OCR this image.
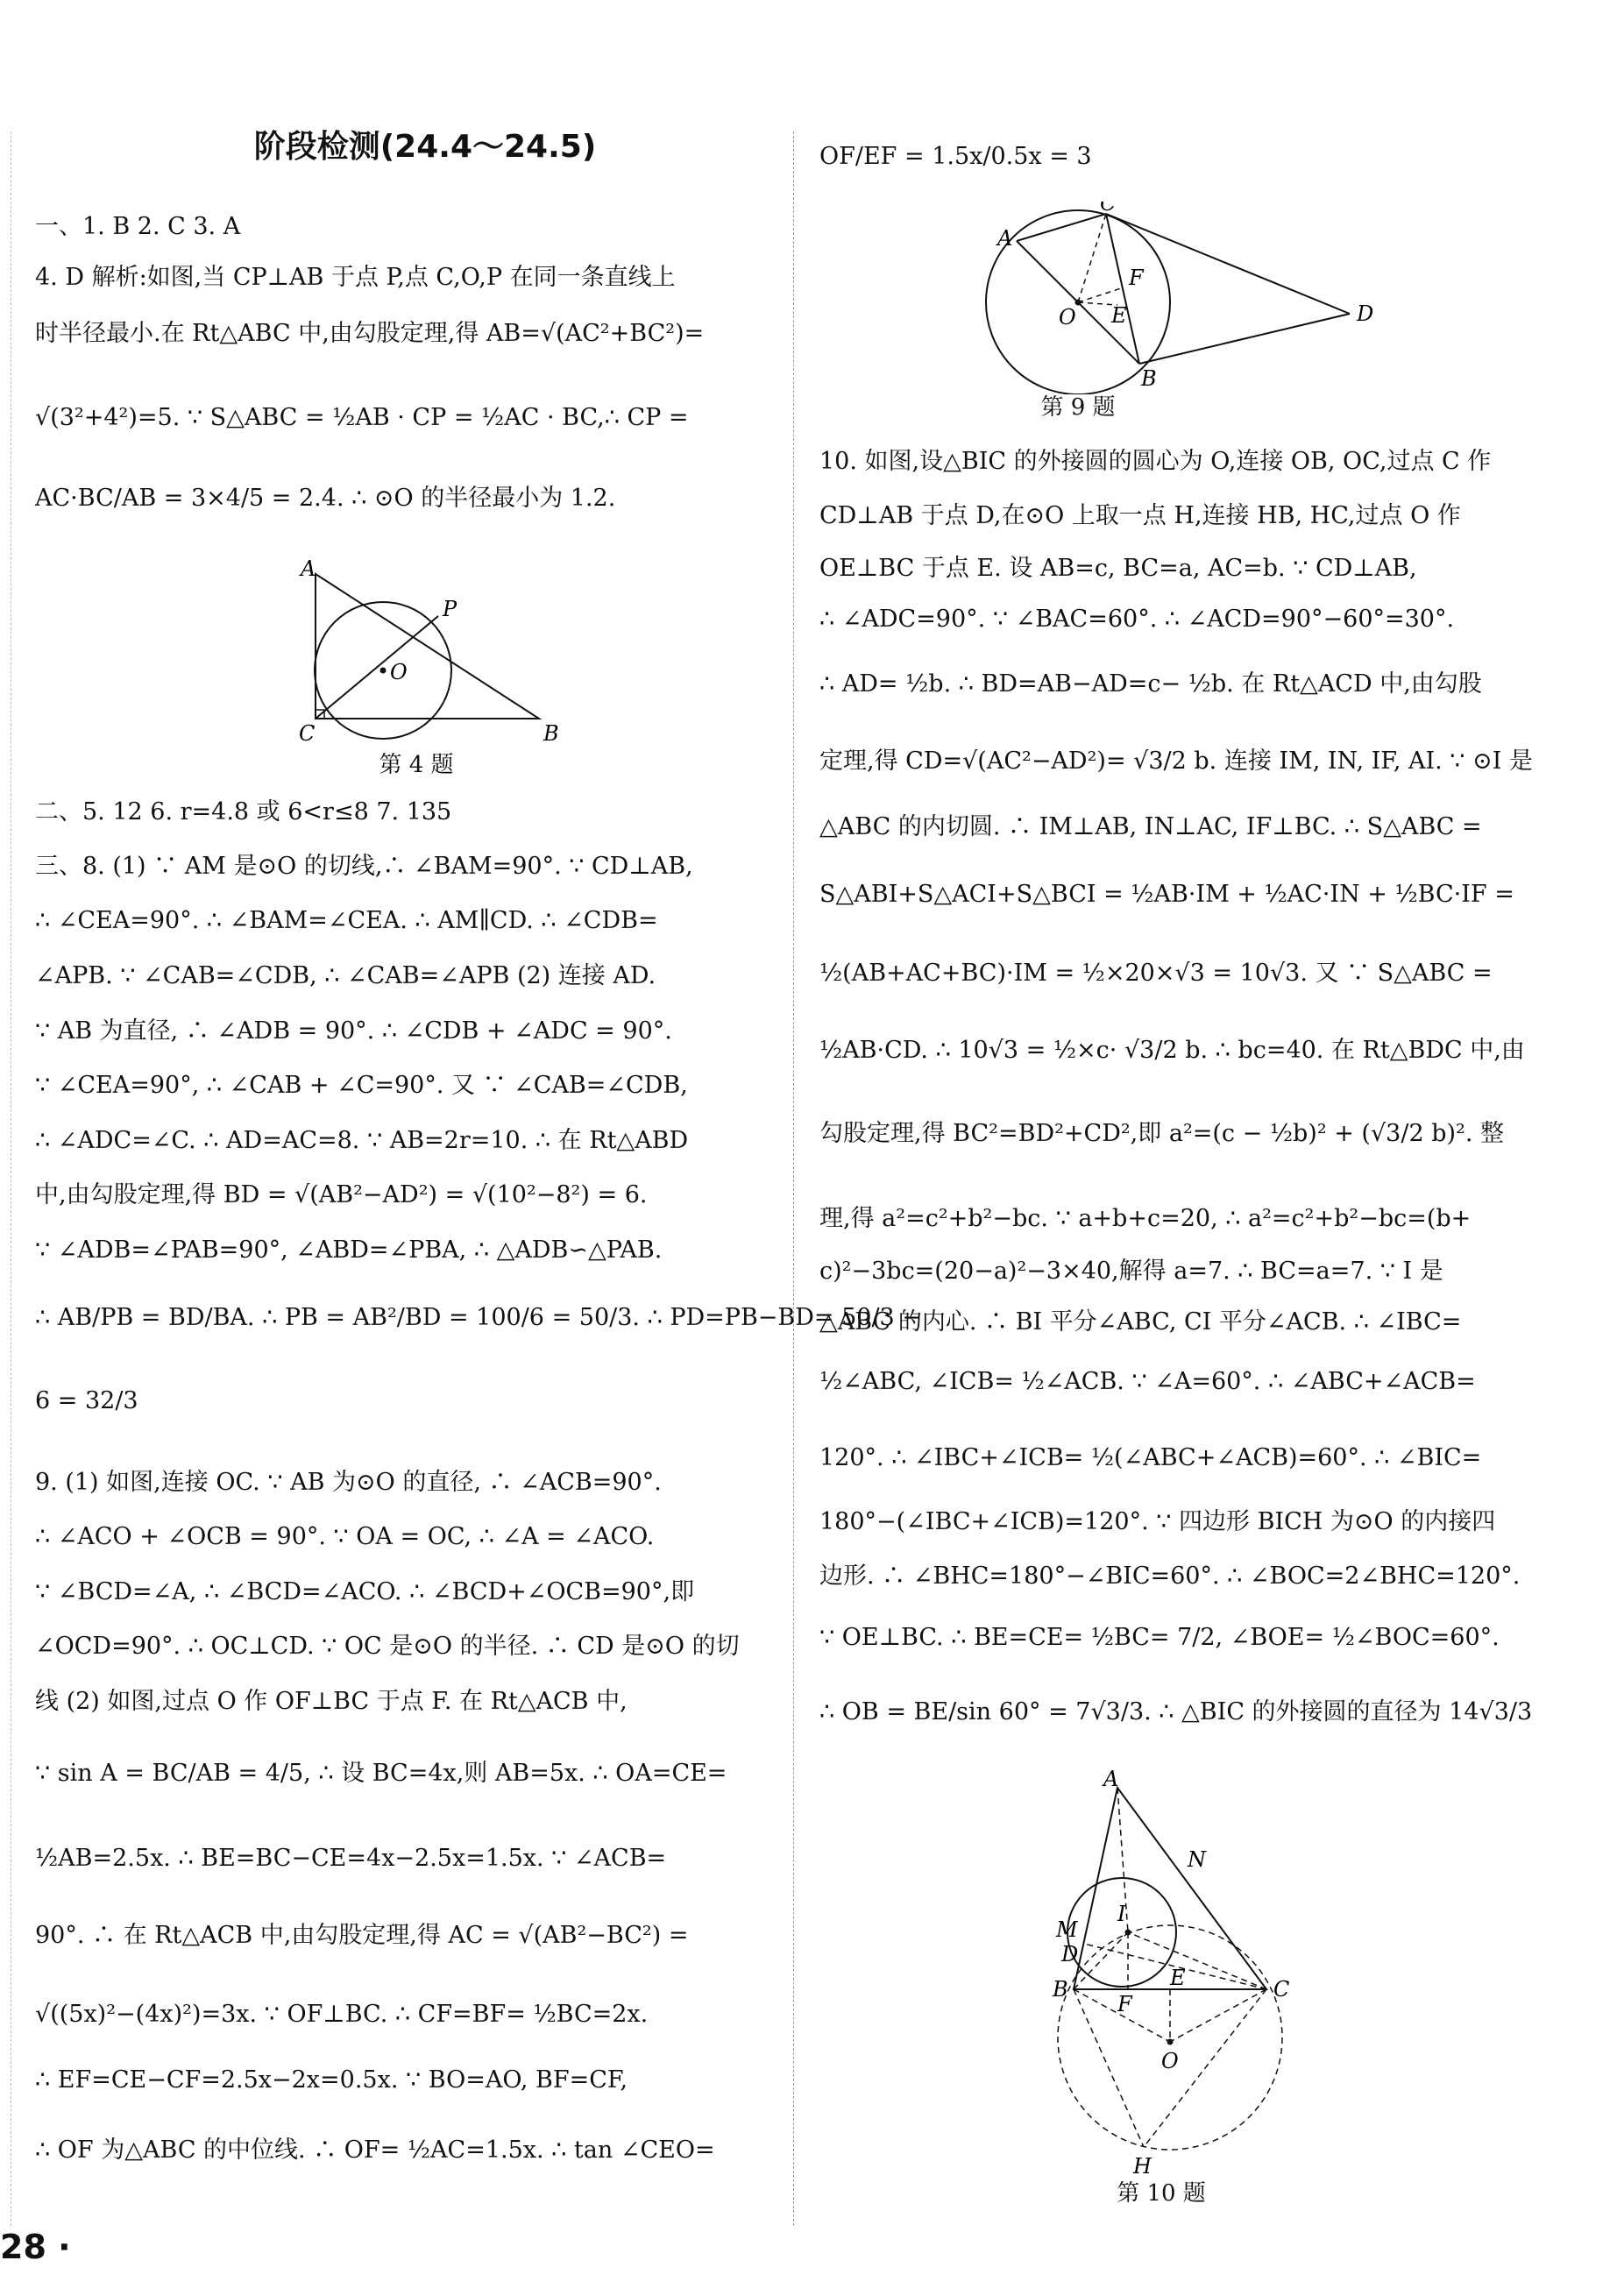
阶段检测(24.4～24.5)
一、1. B 2. C 3. A
4. D 解析:如图,当 CP⊥AB 于点 P,点 C,O,P 在同一条直线上
时半径最小.在 Rt△ABC 中,由勾股定理,得 AB=√(AC²+BC²)=
√(3²+4²)=5. ∵ S△ABC = ½AB · CP = ½AC · BC,∴ CP =
AC·BC/AB = 3×4/5 = 2.4. ∴ ⊙O 的半径最小为 1.2.
A
P
O
C	B
第 4 题
二、5. 12 6. r=4.8 或 6<r≤8 7. 135
三、8. (1) ∵ AM 是⊙O 的切线,∴ ∠BAM=90°. ∵ CD⊥AB,
∴ ∠CEA=90°. ∴ ∠BAM=∠CEA. ∴ AM∥CD. ∴ ∠CDB=
∠APB. ∵ ∠CAB=∠CDB, ∴ ∠CAB=∠APB (2) 连接 AD.
∵ AB 为直径, ∴ ∠ADB = 90°. ∴ ∠CDB + ∠ADC = 90°.
∵ ∠CEA=90°, ∴ ∠CAB + ∠C=90°. 又 ∵ ∠CAB=∠CDB,
∴ ∠ADC=∠C. ∴ AD=AC=8. ∵ AB=2r=10. ∴ 在 Rt△ABD
中,由勾股定理,得 BD = √(AB²−AD²) = √(10²−8²) = 6.
∵ ∠ADB=∠PAB=90°, ∠ABD=∠PBA, ∴ △ADB∽△PAB.
∴ AB/PB = BD/BA. ∴ PB = AB²/BD = 100/6 = 50/3. ∴ PD=PB−BD= 50/3 −
6 = 32/3
9. (1) 如图,连接 OC. ∵ AB 为⊙O 的直径, ∴ ∠ACB=90°.
∴ ∠ACO + ∠OCB = 90°. ∵ OA = OC, ∴ ∠A = ∠ACO.
∵ ∠BCD=∠A, ∴ ∠BCD=∠ACO. ∴ ∠BCD+∠OCB=90°,即
∠OCD=90°. ∴ OC⊥CD. ∵ OC 是⊙O 的半径. ∴ CD 是⊙O 的切
线 (2) 如图,过点 O 作 OF⊥BC 于点 F. 在 Rt△ACB 中,
∵ sin A = BC/AB = 4/5, ∴ 设 BC=4x,则 AB=5x. ∴ OA=CE=
½AB=2.5x. ∴ BE=BC−CE=4x−2.5x=1.5x. ∵ ∠ACB=
90°. ∴ 在 Rt△ACB 中,由勾股定理,得 AC = √(AB²−BC²) =
√((5x)²−(4x)²)=3x. ∵ OF⊥BC. ∴ CF=BF= ½BC=2x.
∴ EF=CE−CF=2.5x−2x=0.5x. ∵ BO=AO, BF=CF,
∴ OF 为△ABC 的中位线. ∴ OF= ½AC=1.5x. ∴ tan ∠CEO=
OF/EF = 1.5x/0.5x = 3
C
A
F
O E
B
D
第 9 题
10. 如图,设△BIC 的外接圆的圆心为 O,连接 OB, OC,过点 C 作
CD⊥AB 于点 D,在⊙O 上取一点 H,连接 HB, HC,过点 O 作
OE⊥BC 于点 E. 设 AB=c, BC=a, AC=b. ∵ CD⊥AB,
∴ ∠ADC=90°. ∵ ∠BAC=60°. ∴ ∠ACD=90°−60°=30°.
∴ AD= ½b. ∴ BD=AB−AD=c− ½b. 在 Rt△ACD 中,由勾股
定理,得 CD=√(AC²−AD²)= √3/2 b. 连接 IM, IN, IF, AI. ∵ ⊙I 是
△ABC 的内切圆. ∴ IM⊥AB, IN⊥AC, IF⊥BC. ∴ S△ABC =
S△ABI+S△ACI+S△BCI = ½AB·IM + ½AC·IN + ½BC·IF =
½(AB+AC+BC)·IM = ½×20×√3 = 10√3. 又 ∵ S△ABC =
½AB·CD. ∴ 10√3 = ½×c· √3/2 b. ∴ bc=40. 在 Rt△BDC 中,由
勾股定理,得 BC²=BD²+CD²,即 a²=(c − ½b)² + (√3/2 b)². 整
理,得 a²=c²+b²−bc. ∵ a+b+c=20, ∴ a²=c²+b²−bc=(b+
c)²−3bc=(20−a)²−3×40,解得 a=7. ∴ BC=a=7. ∵ I 是
△ABC 的内心. ∴ BI 平分∠ABC, CI 平分∠ACB. ∴ ∠IBC=
½∠ABC, ∠ICB= ½∠ACB. ∵ ∠A=60°. ∴ ∠ABC+∠ACB=
120°. ∴ ∠IBC+∠ICB= ½(∠ABC+∠ACB)=60°. ∴ ∠BIC=
180°−(∠IBC+∠ICB)=120°. ∵ 四边形 BICH 为⊙O 的内接四
边形. ∴ ∠BHC=180°−∠BIC=60°. ∴ ∠BOC=2∠BHC=120°.
∵ OE⊥BC. ∴ BE=CE= ½BC= 7/2, ∠BOE= ½∠BOC=60°.
∴ OB = BE/sin 60° = 7√3/3. ∴ △BIC 的外接圆的直径为 14√3/3
A
N
M
I
D
B
F
E	C
O
H
第 10 题
28 ·
